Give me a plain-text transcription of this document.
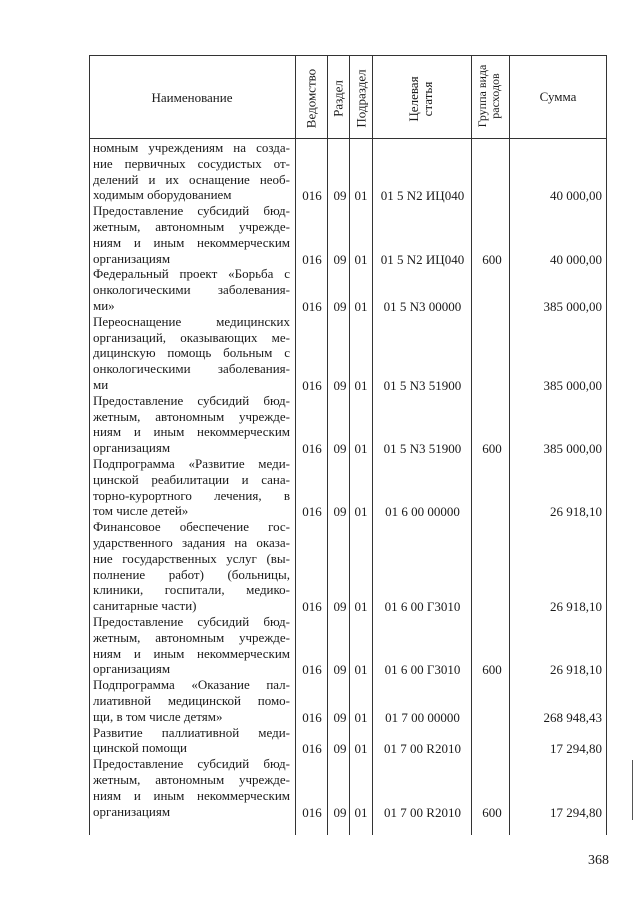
Наименование	Ведомство Раздел Подраздел	Целевая
статья	Группа вида
расходов	Сумма
номным учреждениям на созда-
ние первичных сосудистых от-
делений и их оснащение необ-
ходимым оборудованием	016 09 01	01 5 N2 ИЦ040	40 000,00
Предоставление субсидий бюд-
жетным, автономным учрежде-
ниям и иным некоммерческим
организациям	016 09 01	01 5 N2 ИЦ040	600	40 000,00
Федеральный проект «Борьба с
онкологическими заболевания-
ми»	016 09 01	01 5 N3 00000	385 000,00
Переоснащение медицинских
организаций, оказывающих ме-
дицинскую помощь больным с
онкологическими заболевания-
ми	016 09 01	01 5 N3 51900	385 000,00
Предоставление субсидий бюд-
жетным, автономным учрежде-
ниям и иным некоммерческим
организациям	016 09 01	01 5 N3 51900	600	385 000,00
Подпрограмма «Развитие меди-
цинской реабилитации и сана-
торно-курортного лечения, в
том числе детей»	016 09 01	01 6 00 00000	26 918,10
Финансовое обеспечение гос-
ударственного задания на оказа-
ние государственных услуг (вы-
полнение работ) (больницы,
клиники, госпитали, медико-
санитарные части)	016 09 01	01 6 00 Г3010	26 918,10
Предоставление субсидий бюд-
жетным, автономным учрежде-
ниям и иным некоммерческим
организациям	016 09 01	01 6 00 Г3010	600	26 918,10
Подпрограмма «Оказание пал-
лиативной медицинской помо-
щи, в том числе детям»	016 09 01	01 7 00 00000	268 948,43
Развитие паллиативной меди-
цинской помощи	016 09 01	01 7 00 R2010	17 294,80
Предоставление субсидий бюд-
жетным, автономным учрежде-
ниям и иным некоммерческим
организациям	016 09 01	01 7 00 R2010	600	17 294,80
368
